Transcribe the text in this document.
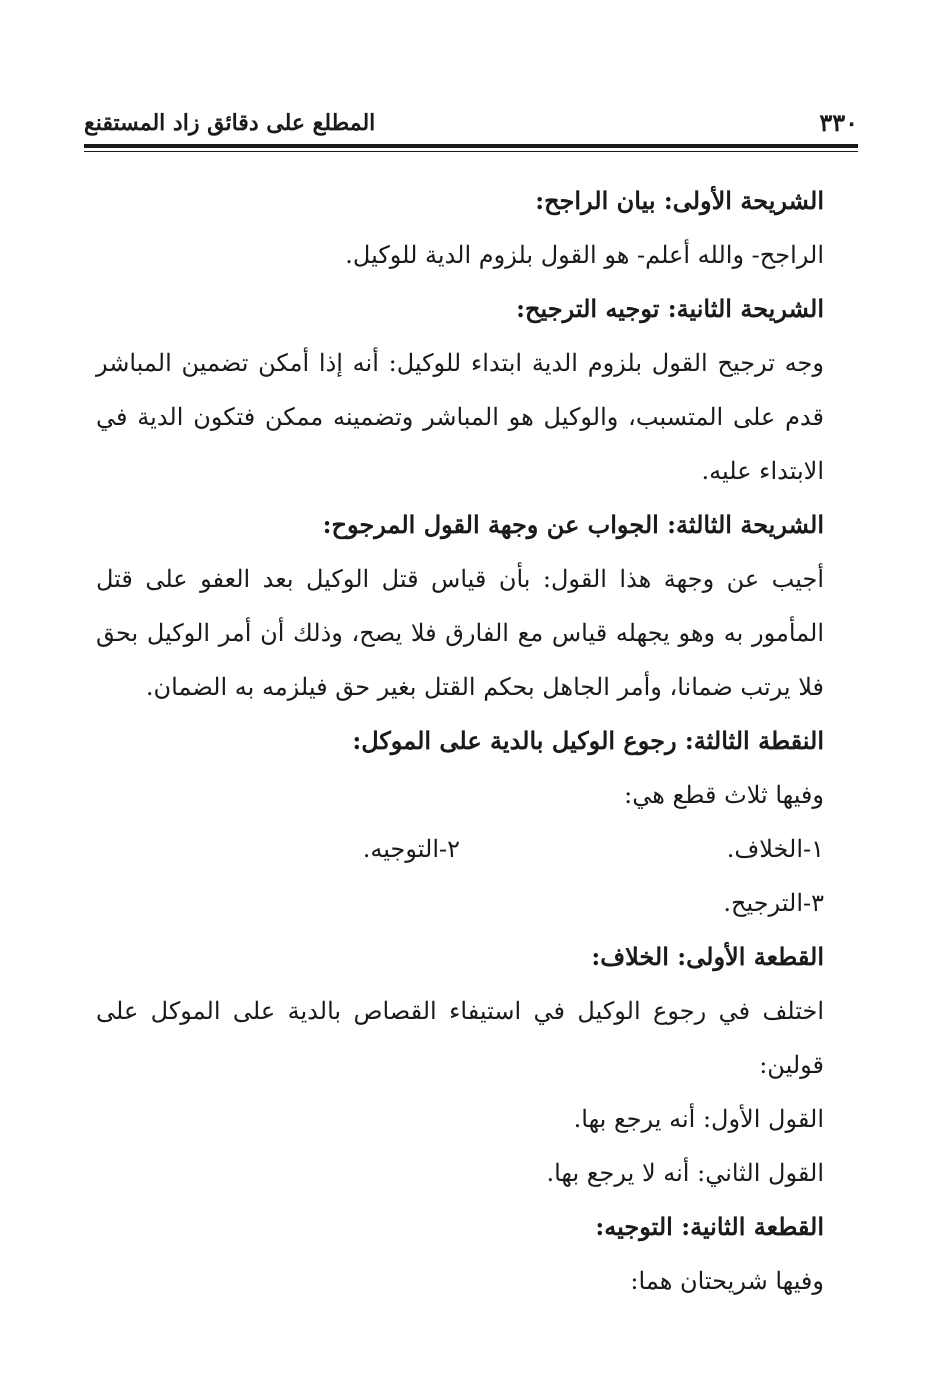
٣٣٠
المطلع على دقائق زاد المستقنع

الشريحة الأولى: بيان الراجح:

الراجح- والله أعلم- هو القول بلزوم الدية للوكيل.

الشريحة الثانية: توجيه الترجيح:

وجه ترجيح القول بلزوم الدية ابتداء للوكيل: أنه إذا أمكن تضمين المباشر قدم على المتسبب، والوكيل هو المباشر وتضمينه ممكن فتكون الدية في الابتداء عليه.

الشريحة الثالثة: الجواب عن وجهة القول المرجوح:

أجيب عن وجهة هذا القول: بأن قياس قتل الوكيل بعد العفو على قتل المأمور به وهو يجهله قياس مع الفارق فلا يصح، وذلك أن أمر الوكيل بحق فلا يرتب ضمانا، وأمر الجاهل بحكم القتل بغير حق فيلزمه به الضمان.

النقطة الثالثة: رجوع الوكيل بالدية على الموكل:

وفيها ثلاث قطع هي:

١-الخلاف.
٢-التوجيه.

٣-الترجيح.

القطعة الأولى: الخلاف:

اختلف في رجوع الوكيل في استيفاء القصاص بالدية على الموكل على قولين:

القول الأول: أنه يرجع بها.

القول الثاني: أنه لا يرجع بها.

القطعة الثانية: التوجيه:

وفيها شريحتان هما:
